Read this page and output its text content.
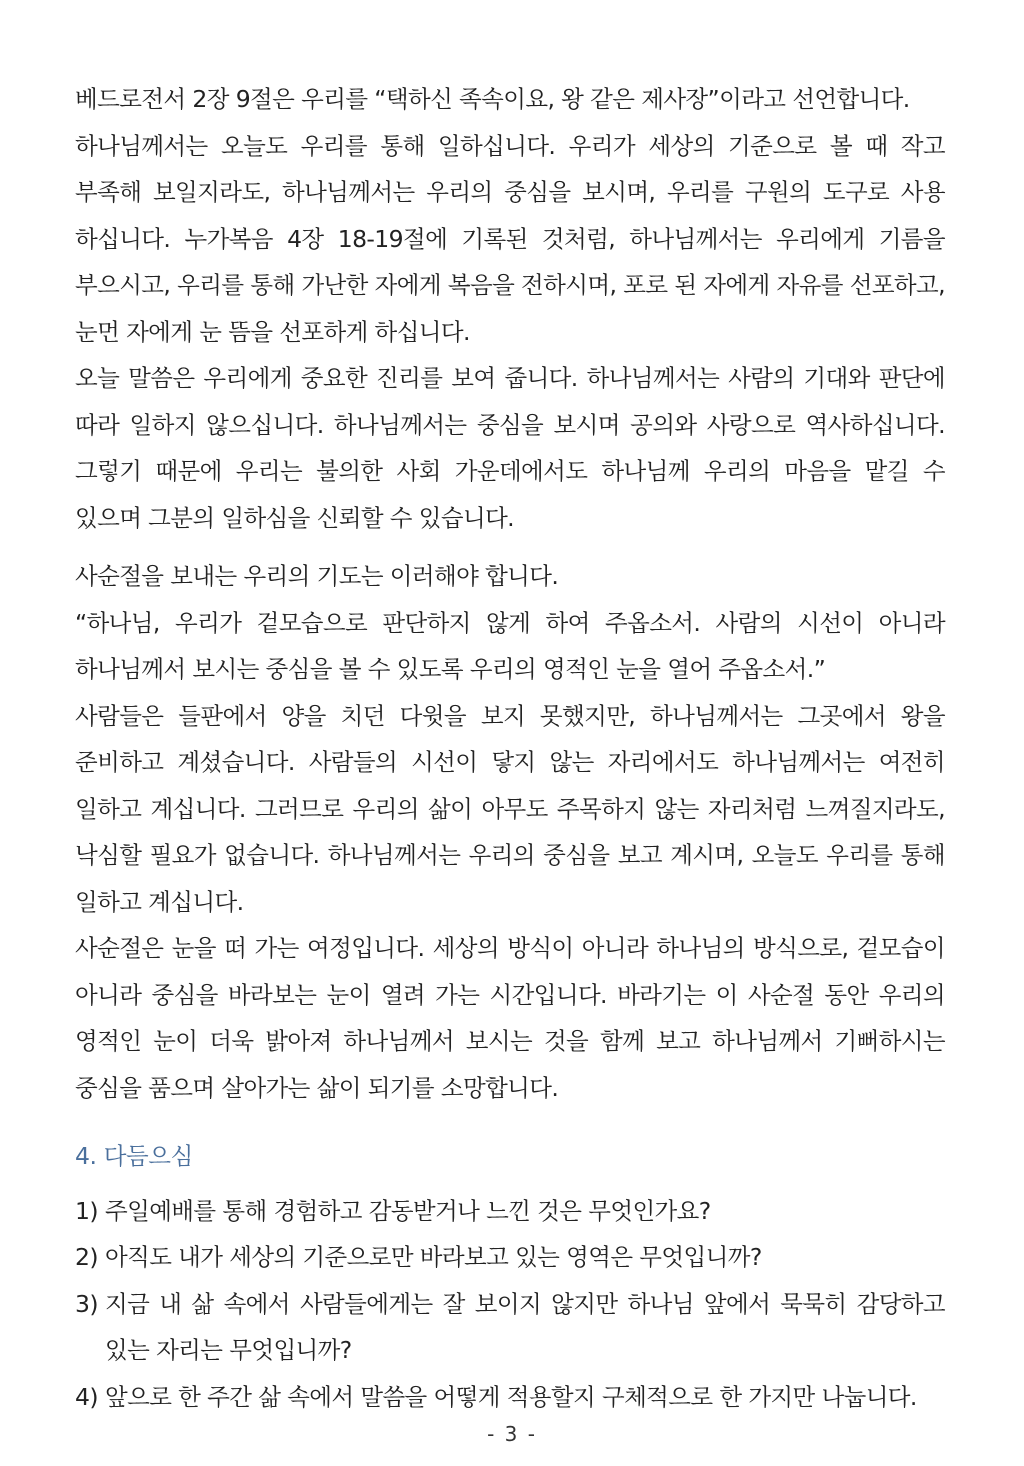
베드로전서 2장 9절은 우리를 “택하신 족속이요, 왕 같은 제사장”이라고 선언합니다.

하나님께서는 오늘도 우리를 통해 일하십니다. 우리가 세상의 기준으로 볼 때 작고

부족해 보일지라도, 하나님께서는 우리의 중심을 보시며, 우리를 구원의 도구로 사용

하십니다. 누가복음 4장 18-19절에 기록된 것처럼, 하나님께서는 우리에게 기름을

부으시고, 우리를 통해 가난한 자에게 복음을 전하시며, 포로 된 자에게 자유를 선포하고,

눈먼 자에게 눈 뜸을 선포하게 하십니다.

오늘 말씀은 우리에게 중요한 진리를 보여 줍니다. 하나님께서는 사람의 기대와 판단에

따라 일하지 않으십니다. 하나님께서는 중심을 보시며 공의와 사랑으로 역사하십니다.

그렇기 때문에 우리는 불의한 사회 가운데에서도 하나님께 우리의 마음을 맡길 수

있으며 그분의 일하심을 신뢰할 수 있습니다.

사순절을 보내는 우리의 기도는 이러해야 합니다.

“하나님, 우리가 겉모습으로 판단하지 않게 하여 주옵소서. 사람의 시선이 아니라

하나님께서 보시는 중심을 볼 수 있도록 우리의 영적인 눈을 열어 주옵소서.”

사람들은 들판에서 양을 치던 다윗을 보지 못했지만, 하나님께서는 그곳에서 왕을

준비하고 계셨습니다. 사람들의 시선이 닿지 않는 자리에서도 하나님께서는 여전히

일하고 계십니다. 그러므로 우리의 삶이 아무도 주목하지 않는 자리처럼 느껴질지라도,

낙심할 필요가 없습니다. 하나님께서는 우리의 중심을 보고 계시며, 오늘도 우리를 통해

일하고 계십니다.

사순절은 눈을 떠 가는 여정입니다. 세상의 방식이 아니라 하나님의 방식으로, 겉모습이

아니라 중심을 바라보는 눈이 열려 가는 시간입니다. 바라기는 이 사순절 동안 우리의

영적인 눈이 더욱 밝아져 하나님께서 보시는 것을 함께 보고 하나님께서 기뻐하시는

중심을 품으며 살아가는 삶이 되기를 소망합니다.

4. 다듬으심

1) 주일예배를 통해 경험하고 감동받거나 느낀 것은 무엇인가요?
2) 아직도 내가 세상의 기준으로만 바라보고 있는 영역은 무엇입니까?
3) 지금 내 삶 속에서 사람들에게는 잘 보이지 않지만 하나님 앞에서 묵묵히 감당하고
있는 자리는 무엇입니까?
4) 앞으로 한 주간 삶 속에서 말씀을 어떻게 적용할지 구체적으로 한 가지만 나눕니다.
- 3 -
